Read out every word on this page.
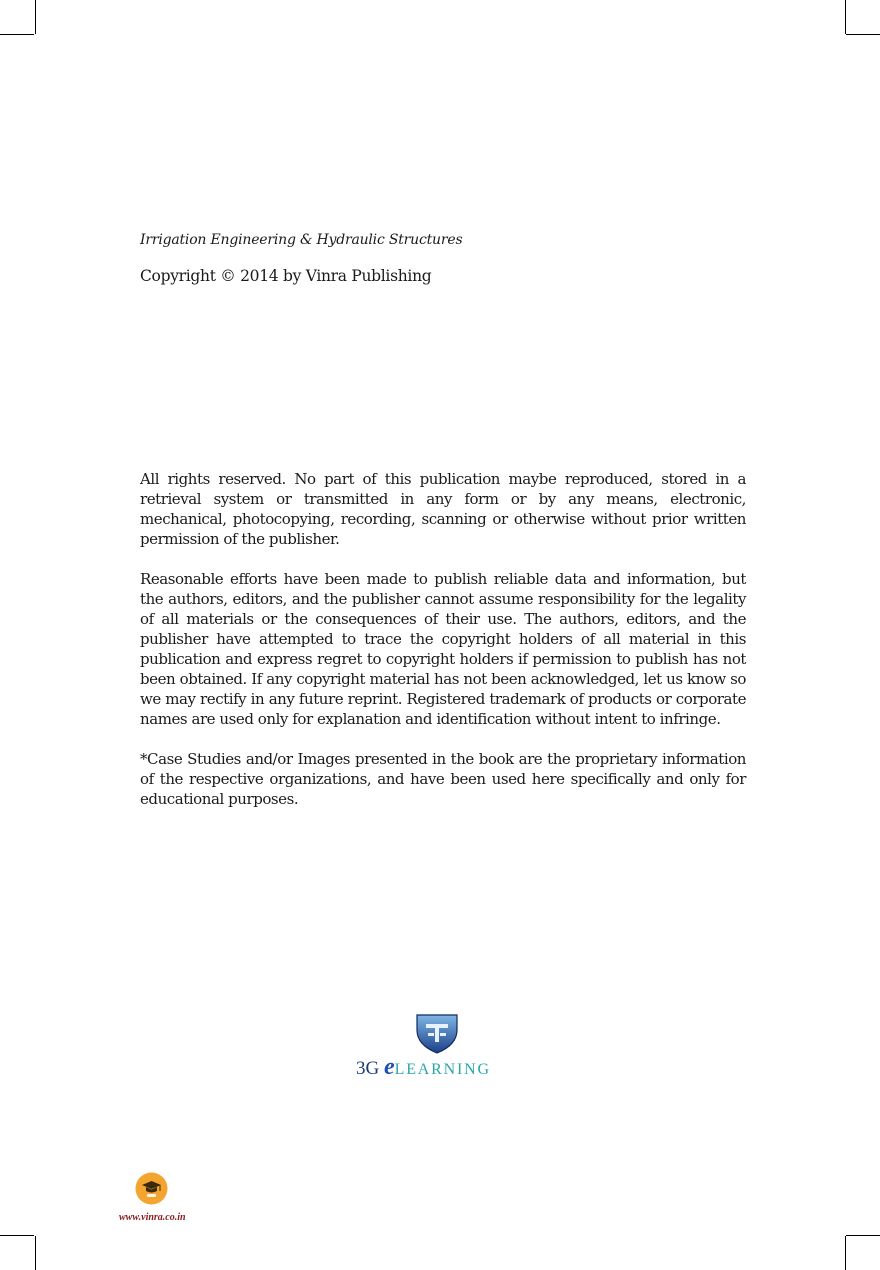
Irrigation Engineering & Hydraulic Structures
Copyright © 2014 by Vinra Publishing

All rights reserved. No part of this publication maybe reproduced, stored in a retrieval system or transmitted in any form or by any means, electronic, mechanical, photocopying, recording, scanning or otherwise without prior written permission of the publisher.

Reasonable efforts have been made to publish reliable data and information, but the authors, editors, and the publisher cannot assume responsibility for the legality of all materials or the consequences of their use. The authors, editors, and the publisher have attempted to trace the copyright holders of all material in this publication and express regret to copyright holders if permission to publish has not been obtained. If any copyright material has not been acknowledged, let us know so we may rectify in any future reprint. Registered trademark of products or corporate names are used only for explanation and identification without intent to infringe.

*Case Studies and/or Images presented in the book are the proprietary information of the respective organizations, and have been used here specifically and only for educational purposes.

3G eLEARNING
www.vinra.co.in
